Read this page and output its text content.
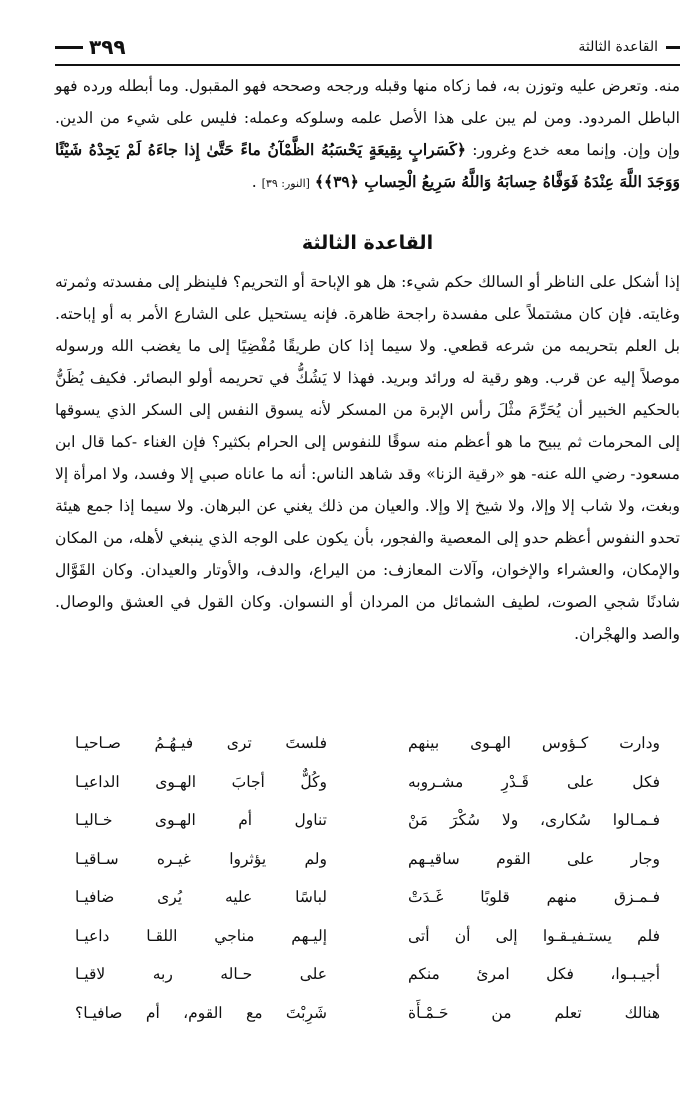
٣٩٩	القاعدة الثالثة
منه. وتعرض عليه وتوزن به، فما زكاه منها وقبله ورجحه وصححه فهو المقبول. وما أبطله ورده فهو الباطل المردود. ومن لم يبن على هذا الأصل علمه وسلوكه وعمله: فليس على شيء من الدين. وإن وإن. وإنما معه خدع وغرور: ﴿كَسَرابٍ بِقِيعَةٍ يَحْسَبُهُ الظَّمْآنُ ماءً حَتَّىٰ إِذا جاءَهُ لَمْ يَجِدْهُ شَيْئًا وَوَجَدَ اللَّهَ عِنْدَهُ فَوَفَّاهُ حِسابَهُ وَاللَّهُ سَرِيعُ الْحِسابِ ﴿٣٩﴾﴾ [النور: ٣٩] .
القاعدة الثالثة
إذا أشكل على الناظر أو السالك حكم شيء: هل هو الإباحة أو التحريم؟ فلينظر إلى مفسدته وثمرته وغايته. فإن كان مشتملاً على مفسدة راجحة ظاهرة. فإنه يستحيل على الشارع الأمر به أو إباحته. بل العلم بتحريمه من شرعه قطعي. ولا سيما إذا كان طريقًا مُفْضِيًا إلى ما يغضب الله ورسوله موصلاً إليه عن قرب. وهو رقية له ورائد وبريد. فهذا لا يَشُكُّ في تحريمه أولو البصائر. فكيف يُظَنُّ بالحكيم الخبير أن يُحَرِّمَ مثْلَ رأس الإبرة من المسكر لأنه يسوق النفس إلى السكر الذي يسوقها إلى المحرمات ثم يبيح ما هو أعظم منه سوقًا للنفوس إلى الحرام بكثير؟ فإن الغناء -كما قال ابن مسعود- رضي الله عنه- هو «رقية الزنا» وقد شاهد الناس: أنه ما عاناه صبي إلا وفسد، ولا امرأة إلا وبغت، ولا شاب إلا وإلا، ولا شيخ إلا وإلا. والعيان من ذلك يغني عن البرهان. ولا سيما إذا جمع هيئة تحدو النفوس أعظم حدو إلى المعصية والفجور، بأن يكون على الوجه الذي ينبغي لأهله، من المكان والإمكان، والعشراء والإخوان، وآلات المعازف: من اليراع، والدف، والأوتار والعيدان. وكان القَوَّال شادنًا شجي الصوت، لطيف الشمائل من المردان أو النسوان. وكان القول في العشق والوصال. والصد والهجْران.
ودارت كـؤوس الهـوى بينهم
فلستَ ترى فيـهُـمُ صـاحيـا
فكل على قَـدْرِ مشـروبه
وكُلٌّ أجابَ الهـوى الداعيـا
فـمـالوا سُكارى، ولا سُكْرَ مَنْ
تناول أم الهـوى خـاليـا
وجار على القوم ساقيـهم
ولم يؤثروا غيـره سـاقيـا
فـمـزق منهم قلوبًا غَـدَتْ
لباسًا عليه يُرى ضافيـا
فلم يستـفيـقـوا إلى أن أتى
إليـهم مناجي اللقـا داعيـا
أجيـبـوا، فكل امرئ منكم
على حـاله ربه لاقيـا
هنالك تعلم من حَـمْـأَة
شَرِبْتَ مع القوم، أم صافيـا؟
